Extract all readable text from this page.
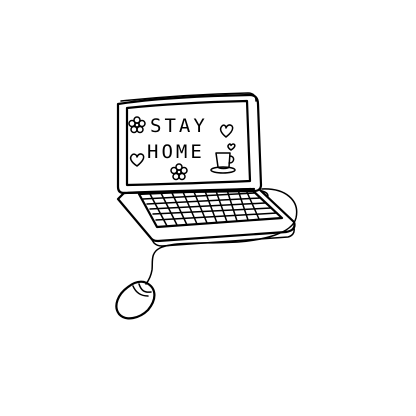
STAY
HOME
